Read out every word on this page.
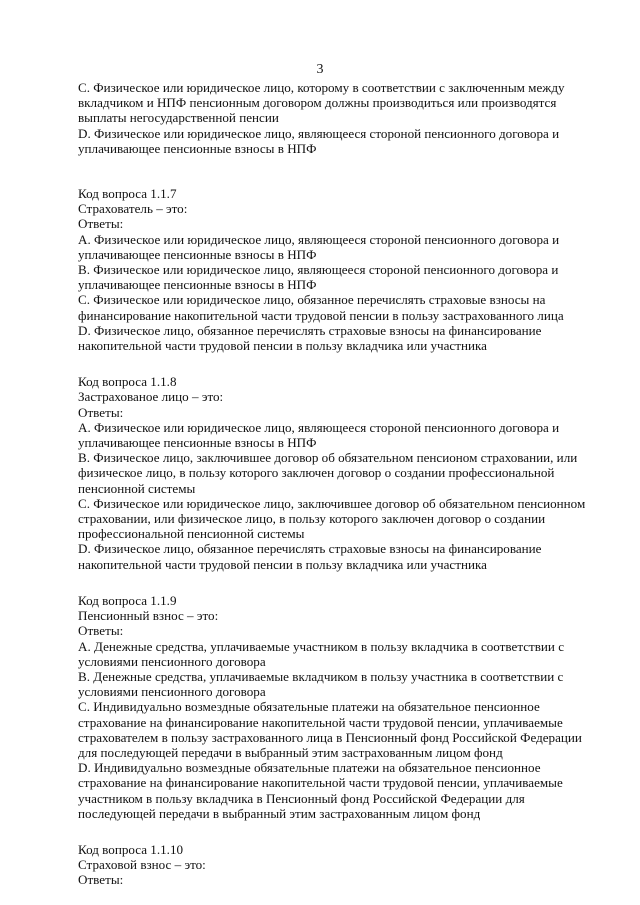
3
С. Физическое или юридическое лицо, которому в соответствии с заключенным между
вкладчиком и НПФ пенсионным договором должны производиться или производятся
выплаты негосударственной пенсии
D. Физическое или юридическое лицо, являющееся стороной пенсионного договора и
уплачивающее пенсионные взносы в НПФ
Код вопроса 1.1.7
Страхователь – это:
Ответы:
А. Физическое или юридическое лицо, являющееся стороной пенсионного договора и
уплачивающее пенсионные взносы в НПФ
В. Физическое или юридическое лицо, являющееся стороной пенсионного договора и
уплачивающее пенсионные взносы в НПФ
С. Физическое или юридическое лицо, обязанное перечислять страховые взносы на
финансирование накопительной части трудовой пенсии в пользу застрахованного лица
D. Физическое лицо, обязанное перечислять страховые взносы на финансирование
накопительной части трудовой пенсии в пользу вкладчика или участника
Код вопроса 1.1.8
Застрахованое лицо – это:
Ответы:
А. Физическое или юридическое лицо, являющееся стороной пенсионного договора и
уплачивающее пенсионные взносы в НПФ
В. Физическое лицо, заключившее договор об обязательном пенсионом страховании, или
физическое лицо, в пользу которого заключен договор о создании профессиональной
пенсионной системы
С. Физическое или юридическое лицо, заключившее договор об обязательном пенсионном
страховании, или физическое лицо, в пользу которого заключен договор о создании
профессиональной пенсионной системы
D. Физическое лицо, обязанное перечислять страховые взносы на финансирование
накопительной части трудовой пенсии в пользу вкладчика или участника
Код вопроса 1.1.9
Пенсионный взнос – это:
Ответы:
А. Денежные средства, уплачиваемые участником в пользу вкладчика в соответствии с
условиями пенсионного договора
В. Денежные средства, уплачиваемые вкладчиком в пользу участника в соответствии с
условиями пенсионного договора
С. Индивидуально возмездные обязательные платежи на обязательное пенсионное
страхование на финансирование накопительной части трудовой пенсии, уплачиваемые
страхователем в пользу застрахованного лица в Пенсионный фонд Российской Федерации
для последующей передачи в выбранный этим застрахованным лицом фонд
D. Индивидуально возмездные обязательные платежи на обязательное пенсионное
страхование на финансирование накопительной части трудовой пенсии, уплачиваемые
участником в пользу вкладчика в Пенсионный фонд Российской Федерации для
последующей передачи в выбранный этим застрахованным лицом фонд
Код вопроса 1.1.10
Страховой взнос – это:
Ответы:
